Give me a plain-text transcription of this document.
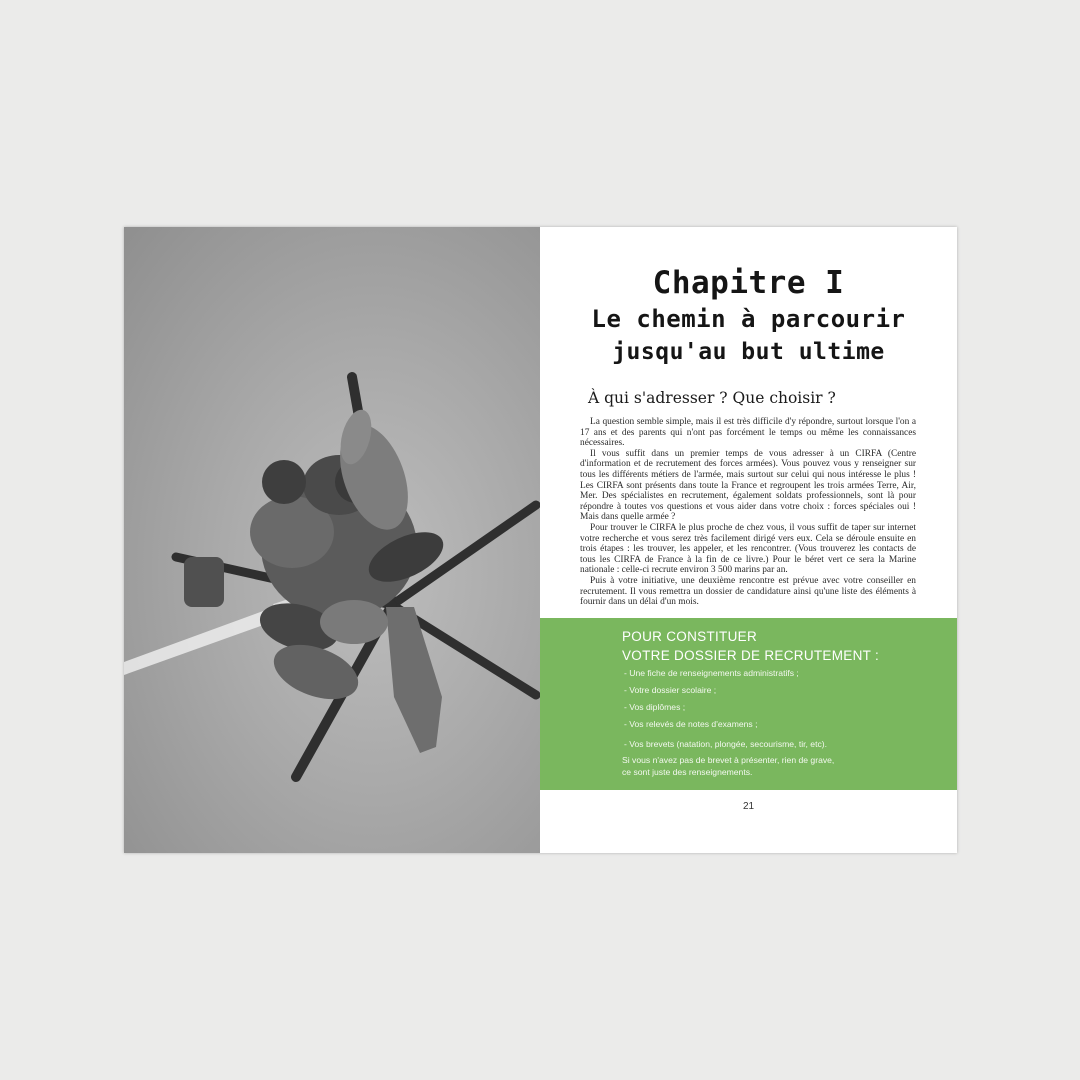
Chapitre I
Le chemin à parcourir
jusqu'au but ultime
À qui s'adresser ? Que choisir ?

La question semble simple, mais il est très difficile d'y répondre, surtout lorsque l'on a 17 ans et des parents qui n'ont pas forcément le temps ou même les connaissances nécessaires.

Il vous suffit dans un premier temps de vous adresser à un CIRFA (Centre d'information et de recrutement des forces armées). Vous pouvez vous y renseigner sur tous les différents métiers de l'armée, mais surtout sur celui qui nous intéresse le plus ! Les CIRFA sont présents dans toute la France et regroupent les trois armées Terre, Air, Mer. Des spécialistes en recrutement, également soldats professionnels, sont là pour répondre à toutes vos questions et vous aider dans votre choix : forces spéciales oui ! Mais dans quelle armée ?

Pour trouver le CIRFA le plus proche de chez vous, il vous suffit de taper sur internet votre recherche et vous serez très facilement dirigé vers eux. Cela se déroule ensuite en trois étapes : les trouver, les appeler, et les rencontrer. (Vous trouverez les contacts de tous les CIRFA de France à la fin de ce livre.) Pour le béret vert ce sera la Marine nationale : celle-ci recrute environ 3 500 marins par an.

Puis à votre initiative, une deuxième rencontre est prévue avec votre conseiller en recrutement. Il vous remettra un dossier de candidature ainsi qu'une liste des éléments à fournir dans un délai d'un mois.

POUR CONSTITUER
VOTRE DOSSIER DE RECRUTEMENT :
- Une fiche de renseignements administratifs ;
- Votre dossier scolaire ;
- Vos diplômes ;
- Vos relevés de notes d'examens ;
- Vos brevets (natation, plongée, secourisme, tir, etc).
Si vous n'avez pas de brevet à présenter, rien de grave,
ce sont juste des renseignements.
21
